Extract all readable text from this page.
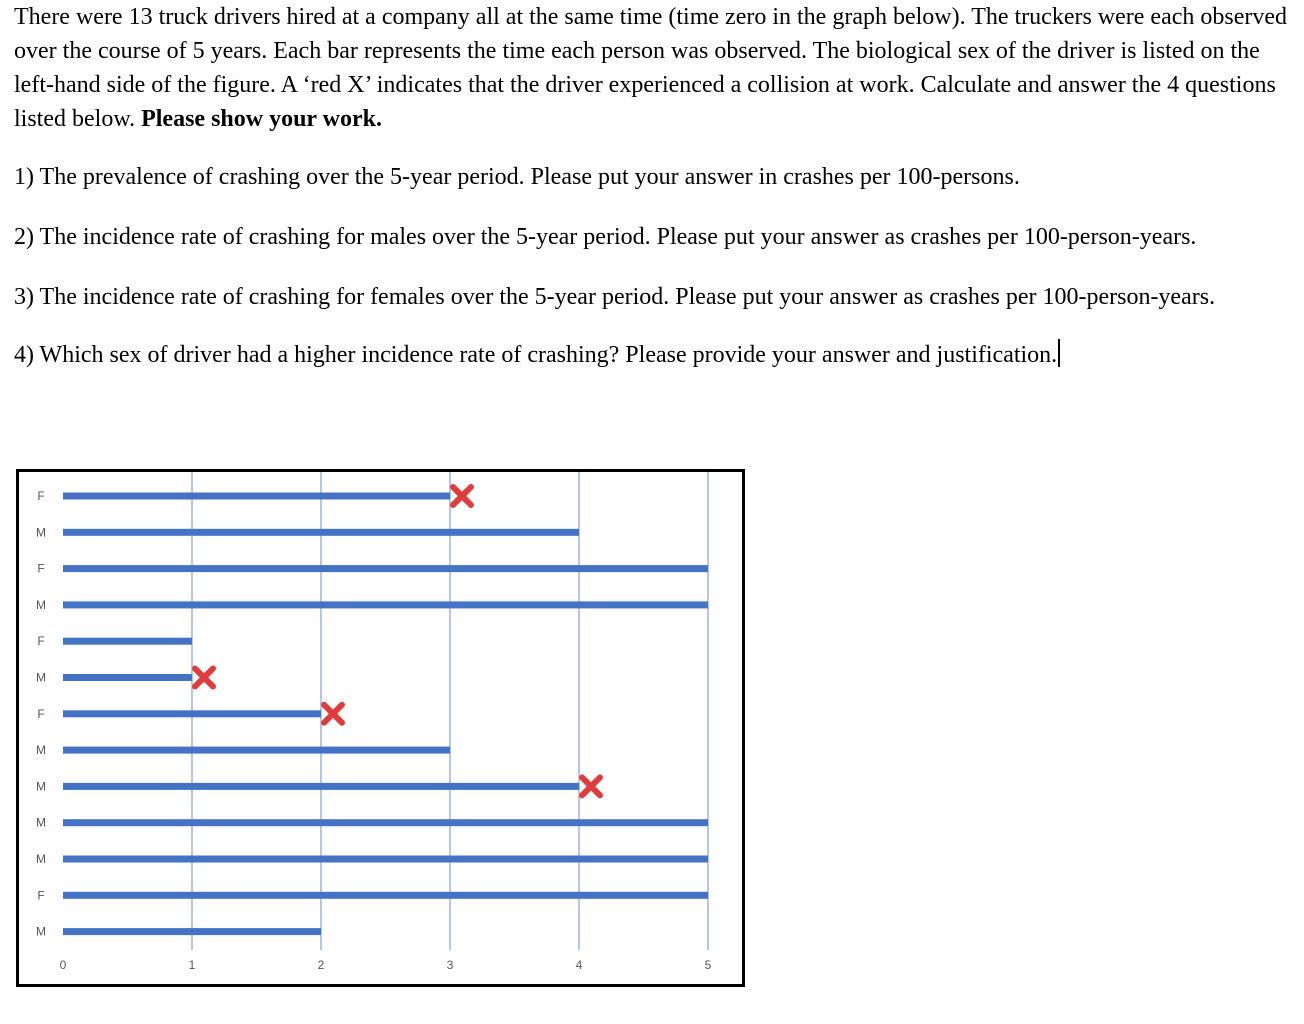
There were 13 truck drivers hired at a company all at the same time (time zero in the graph below). The truckers were each observed over the course of 5 years. Each bar represents the time each person was observed. The biological sex of the driver is listed on the left-hand side of the figure. A ‘red X’ indicates that the driver experienced a collision at work. Calculate and answer the 4 questions listed below. Please show your work.

1) The prevalence of crashing over the 5-year period. Please put your answer in crashes per 100-persons.

2) The incidence rate of crashing for males over the 5-year period. Please put your answer as crashes per 100-person-years.

3) The incidence rate of crashing for females over the 5-year period. Please put your answer as crashes per 100-person-years.

4) Which sex of driver had a higher incidence rate of crashing? Please provide your answer and justification.

F
M
F
M
F
M
F
M
M
M
M
F
M
0	1	2	3	4	5
